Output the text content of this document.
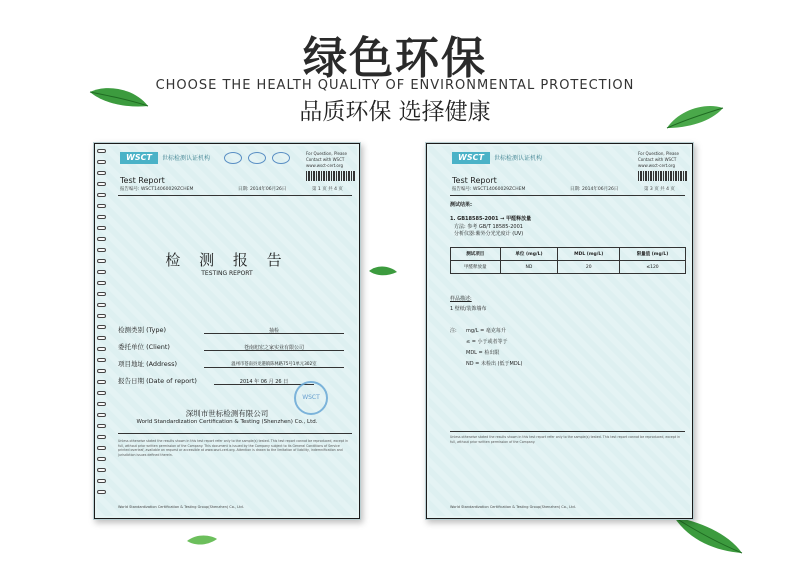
绿色环保
CHOOSE THE HEALTH QUALITY OF ENVIRONMENTAL PROTECTION
品质环保 选择健康
WSCT	世标检测认证机构
For Question, Please Contact with WSCT www.wsct-cert.org
Test Report
报告编号: WSCT14060029ZCHEM	日期: 2014年06月26日	第 1 页 共 4 页
检 测 报 告
TESTING REPORT
检测类别 (Type)	抽检
委托单位 (Client)	苍南旭宏之家实业有限公司
项目地址 (Address)	温州市苍南县龙港镇陈林路75号1单元302室
报告日期 (Date of report)	2014 年 06 月 26 日
WSCT
深圳市世标检测有限公司
World Standardization Certification & Testing (Shenzhen) Co., Ltd.
Unless otherwise stated the results shown in this test report refer only to the sample(s) tested. This test report cannot be reproduced, except in full, without prior written permission of the Company. This document is issued by the Company subject to its General Conditions of Service printed overleaf, available on request or accessible at www.wsct-cert.org. Attention is drawn to the limitation of liability, indemnification and jurisdiction issues defined therein.
World Standardization Certification & Testing Group(Shenzhen) Co., Ltd.
WSCT	世标检测认证机构
For Question, Please Contact with WSCT www.wsct-cert.org
Test Report
报告编号: WSCT14060029ZCHEM	日期: 2014年06月26日	第 3 页 共 4 页
测试结果:
1. GB18585-2001 → 甲醛释放量
方法: 参考 GB/T 18585-2001
分析仪器:紫外分光光度计 (UV)
测试项目	单位 (mg/L)	MDL (mg/L)	限量值 (mg/L)
甲醛释放量	ND	20	≤120
样品描述:
1 壁纸/装饰墙布
注: mg/L = 毫克每升
≤ = 小于或者等于
MDL = 检出限
ND = 未检出 (低于MDL)
Unless otherwise stated the results shown in this test report refer only to the sample(s) tested. This test report cannot be reproduced, except in full, without prior written permission of the Company.
World Standardization Certification & Testing Group(Shenzhen) Co., Ltd.
